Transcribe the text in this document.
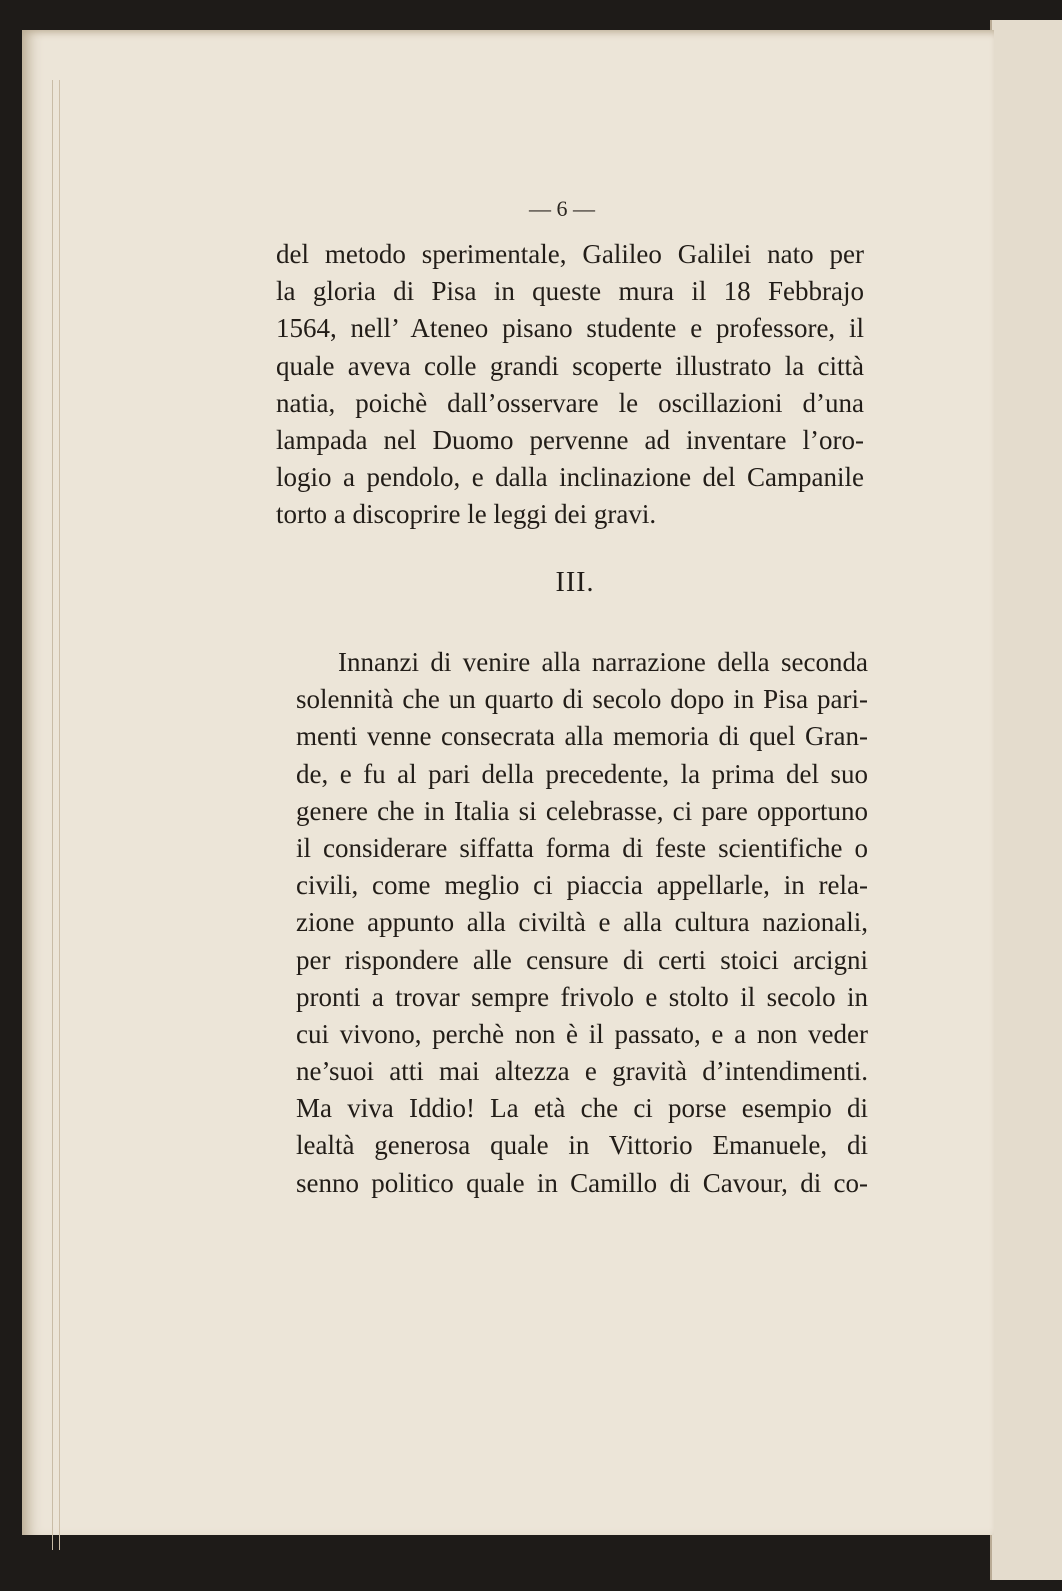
— 6 —
del metodo sperimentale, Galileo Galilei nato per
la gloria di Pisa in queste mura il 18 Febbrajo
1564, nell’ Ateneo pisano studente e professore, il
quale aveva colle grandi scoperte illustrato la città
natia, poichè dall’osservare le oscillazioni d’una
lampada nel Duomo pervenne ad inventare l’oro-
logio a pendolo, e dalla inclinazione del Campanile
torto a discoprire le leggi dei gravi.
III.
Innanzi di venire alla narrazione della seconda
solennità che un quarto di secolo dopo in Pisa pari-
menti venne consecrata alla memoria di quel Gran-
de, e fu al pari della precedente, la prima del suo
genere che in Italia si celebrasse, ci pare opportuno
il considerare siffatta forma di feste scientifiche o
civili, come meglio ci piaccia appellarle, in rela-
zione appunto alla civiltà e alla cultura nazionali,
per rispondere alle censure di certi stoici arcigni
pronti a trovar sempre frivolo e stolto il secolo in
cui vivono, perchè non è il passato, e a non veder
ne’suoi atti mai altezza e gravità d’intendimenti.
Ma viva Iddio! La età che ci porse esempio di
lealtà generosa quale in Vittorio Emanuele, di
senno politico quale in Camillo di Cavour, di co-
